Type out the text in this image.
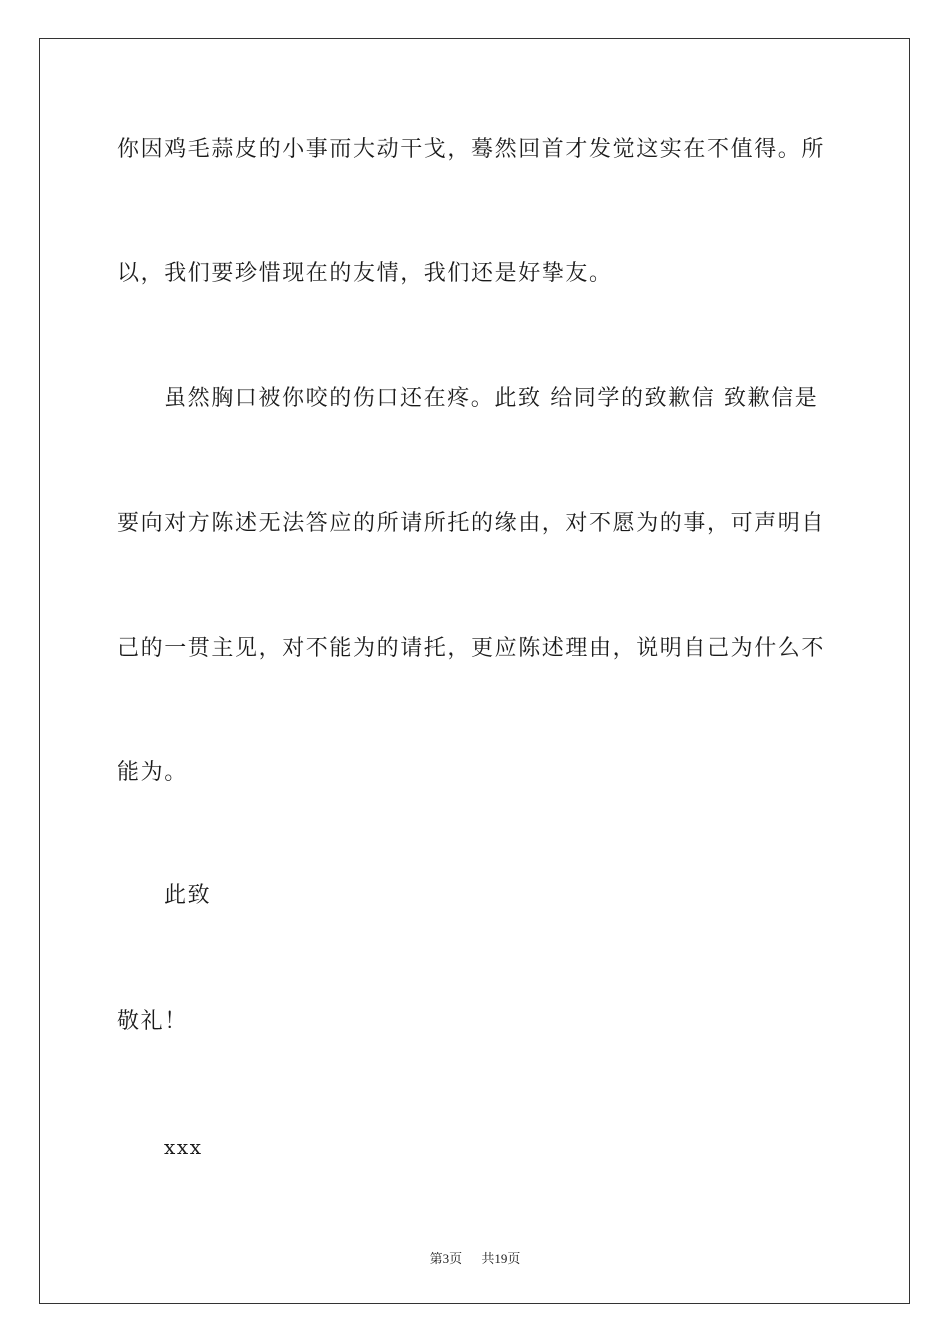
你因鸡毛蒜皮的小事而大动干戈，蓦然回首才发觉这实在不值得。所
以，我们要珍惜现在的友情，我们还是好挚友。
虽然胸口被你咬的伤口还在疼。此致 给同学的致歉信 致歉信是
要向对方陈述无法答应的所请所托的缘由，对不愿为的事，可声明自
己的一贯主见，对不能为的请托，更应陈述理由，说明自己为什么不
能为。
此致
敬礼！
xxx
第3页 共19页
